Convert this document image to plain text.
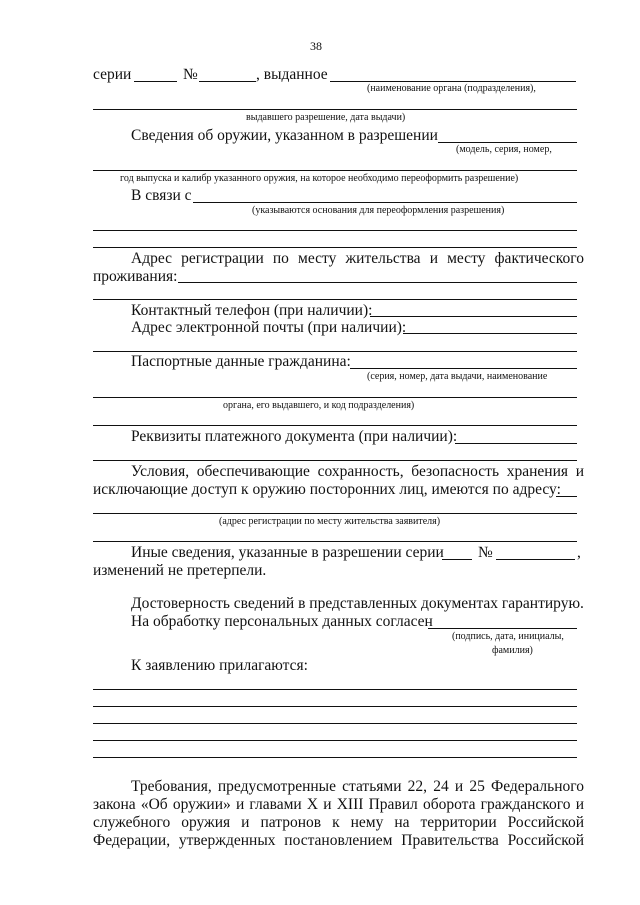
38
серии	№	, выданное
(наименование органа (подразделения),
выдавшего разрешение, дата выдачи)
Сведения об оружии, указанном в разрешении
(модель, серия, номер,
год выпуска и калибр указанного оружия, на которое необходимо переоформить разрешение)
В связи с
(указываются основания для переоформления разрешения)
Адрес регистрации по месту жительства и месту фактического
проживания:
Контактный телефон (при наличии):
Адрес электронной почты (при наличии):
Паспортные данные гражданина:
(серия, номер, дата выдачи, наименование
органа, его выдавшего, и код подразделения)
Реквизиты платежного документа (при наличии):
Условия, обеспечивающие сохранность, безопасность хранения и
исключающие доступ к оружию посторонних лиц, имеются по адресу:
(адрес регистрации по месту жительства заявителя)
Иные сведения, указанные в разрешении серии №	,
изменений не претерпели.
Достоверность сведений в представленных документах гарантирую.
На обработку персональных данных согласен
(подпись, дата, инициалы,
фамилия)
К заявлению прилагаются:
Требования, предусмотренные статьями 22, 24 и 25 Федерального
закона «Об оружии» и главами X и XIII Правил оборота гражданского и
служебного оружия и патронов к нему на территории Российской
Федерации, утвержденных постановлением Правительства Российской
